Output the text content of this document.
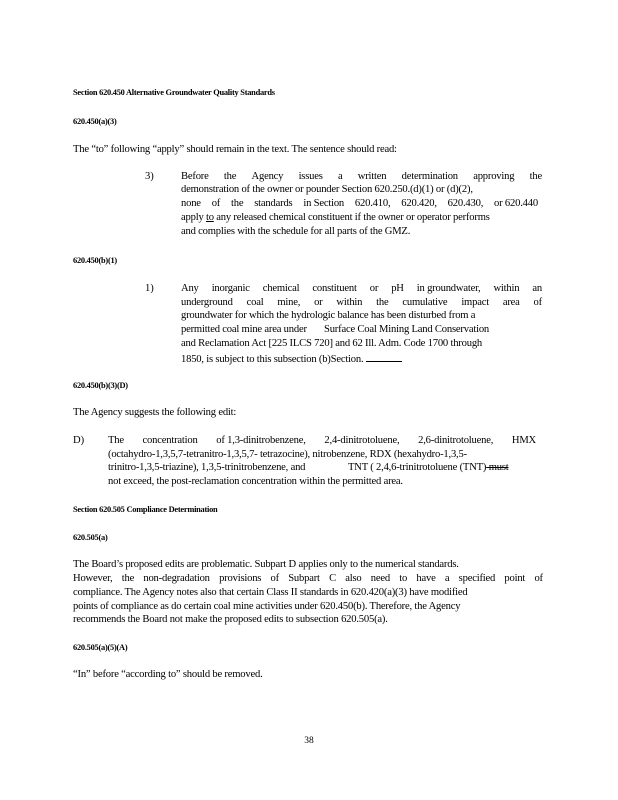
Section 620.450 Alternative Groundwater Quality Standards
620.450(a)(3)
The “to” following “apply” should remain in the text. The sentence should read:
3)	Before the Agency issues a written determination approving the
demonstration of the owner or pounder Section 620.250.(d)(1) or (d)(2),
none of the standards in Section 620.410, 620.420, 620.430, or 620.440
apply to any released chemical constituent if the owner or operator performs
and complies with the schedule for all parts of the GMZ.
620.450(b)(1)
1)	Any inorganic chemical constituent or pH in groundwater, within an
underground coal mine, or within the cumulative impact area of
groundwater for which the hydrologic balance has been disturbed from a
permitted coal mine area under Surface Coal Mining Land Conservation
and Reclamation Act [225 ILCS 720] and 62 Ill. Adm. Code 1700 through
1850, is subject to this subsection (b)Section.
620.450(b)(3)(D)
The Agency suggests the following edit:
D) The concentration of 1,3-dinitrobenzene, 2,4-dinitrotoluene, 2,6-dinitrotoluene, HMX
(octahydro-1,3,5,7-tetranitro-1,3,5,7- tetrazocine), nitrobenzene, RDX (hexahydro-1,3,5-
trinitro-1,3,5-triazine), 1,3,5-trinitrobenzene, and	TNT ( 2,4,6-trinitrotoluene (TNT) must
not exceed, the post-reclamation concentration within the permitted area.
Section 620.505 Compliance Determination
620.505(a)
The Board’s proposed edits are problematic. Subpart D applies only to the numerical standards.
However, the non-degradation provisions of Subpart C also need to have a specified point of
compliance. The Agency notes also that certain Class II standards in 620.420(a)(3) have modified
points of compliance as do certain coal mine activities under 620.450(b). Therefore, the Agency
recommends the Board not make the proposed edits to subsection 620.505(a).
620.505(a)(5)(A)
“In” before “according to” should be removed.
38
